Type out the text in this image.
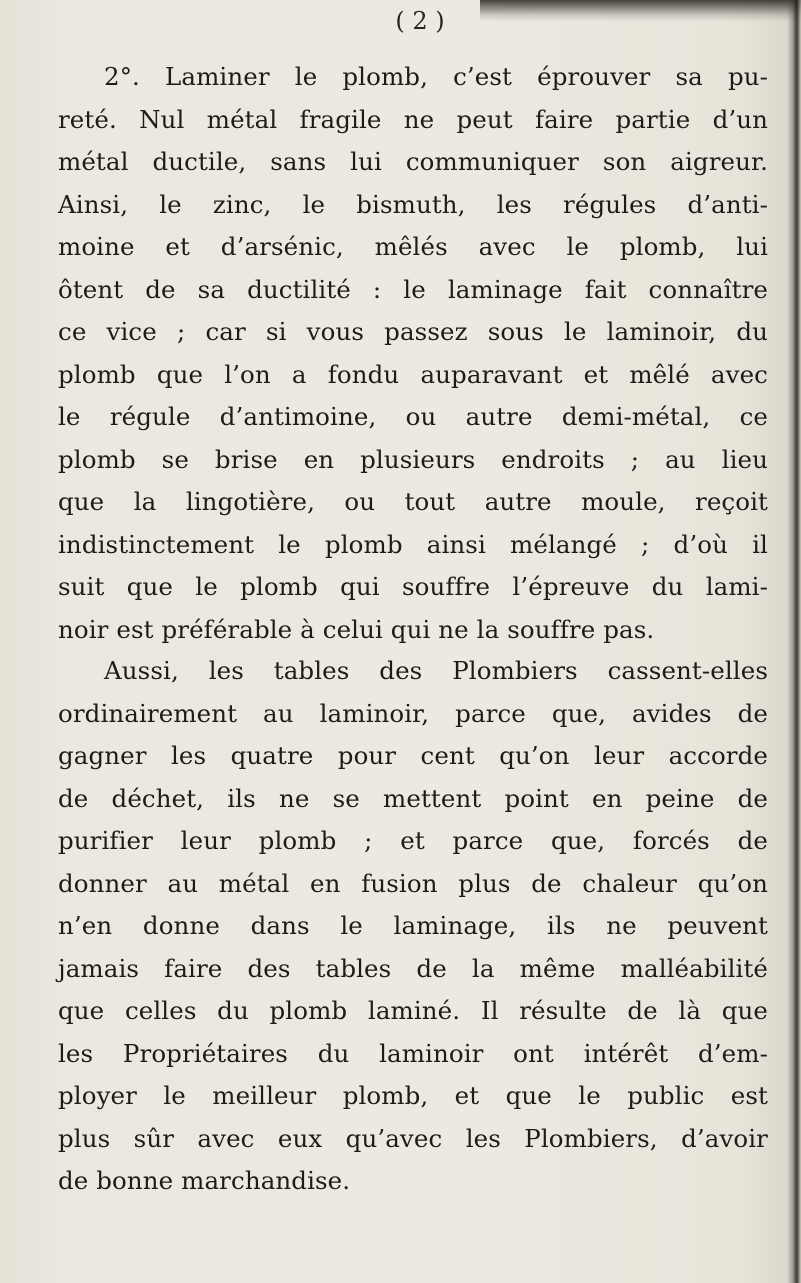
( 2 )
2°. Laminer le plomb, c’est éprouver sa pu-
reté. Nul métal fragile ne peut faire partie d’un
métal ductile, sans lui communiquer son aigreur.
Ainsi, le zinc, le bismuth, les régules d’anti-
moine et d’arsénic, mêlés avec le plomb, lui
ôtent de sa ductilité : le laminage fait connaître
ce vice ; car si vous passez sous le laminoir, du
plomb que l’on a fondu auparavant et mêlé avec
le régule d’antimoine, ou autre demi-métal, ce
plomb se brise en plusieurs endroits ; au lieu
que la lingotière, ou tout autre moule, reçoit
indistinctement le plomb ainsi mélangé ; d’où il
suit que le plomb qui souffre l’épreuve du lami-
noir est préférable à celui qui ne la souffre pas.
Aussi, les tables des Plombiers cassent-elles
ordinairement au laminoir, parce que, avides de
gagner les quatre pour cent qu’on leur accorde
de déchet, ils ne se mettent point en peine de
purifier leur plomb ; et parce que, forcés de
donner au métal en fusion plus de chaleur qu’on
n’en donne dans le laminage, ils ne peuvent
jamais faire des tables de la même malléabilité
que celles du plomb laminé. Il résulte de là que
les Propriétaires du laminoir ont intérêt d’em-
ployer le meilleur plomb, et que le public est
plus sûr avec eux qu’avec les Plombiers, d’avoir
de bonne marchandise.
